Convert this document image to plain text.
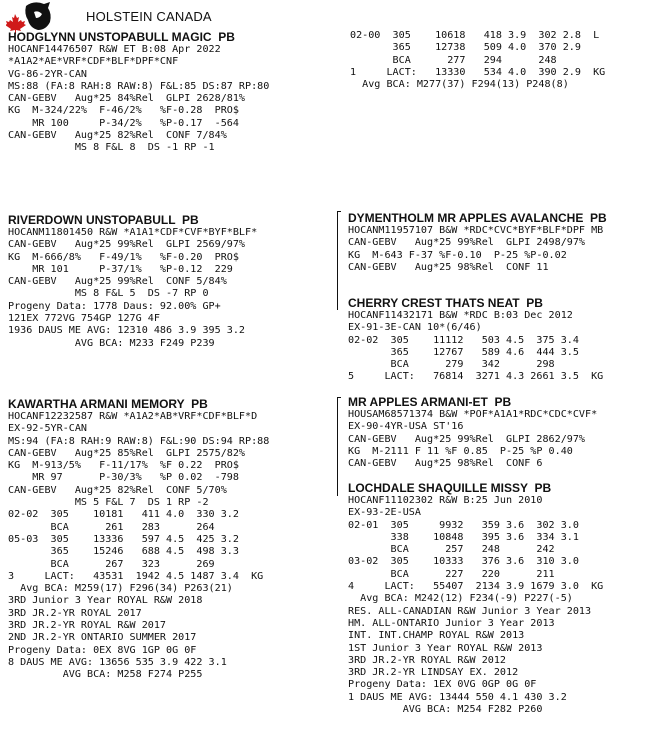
HOLSTEIN CANADA
HODGLYNN UNSTOPABULL MAGIC  PB
HOCANF14476507 R&W ET B:08 Apr 2022
*A1A2*AE*VRF*CDF*BLF*DPF*CNF
VG-86-2YR-CAN
MS:88 (FA:8 RAH:8 RAW:8) F&L:85 DS:87 RP:80
CAN-GEBV   Aug*25 84%Rel  GLPI 2628/81%
KG  M-324/22%  F-46/2%   %F-0.28  PRO$
MR 100     P-34/2%   %P-0.17  -564
CAN-GEBV   Aug*25 82%Rel  CONF 7/84%
MS 8 F&L 8  DS -1 RP -1
02-00  305    10618   418 3.9  302 2.8  L
365    12738   509 4.0  370 2.9
BCA      277   294      248
1     LACT:   13330   534 4.0  390 2.9  KG
Avg BCA: M277(37) F294(13) P248(8)
RIVERDOWN UNSTOPABULL  PB
HOCANM11801450 R&W *A1A1*CDF*CVF*BYF*BLF*
CAN-GEBV   Aug*25 99%Rel  GLPI 2569/97%
KG  M-666/8%   F-49/1%   %F-0.20  PRO$
MR 101     P-37/1%   %P-0.12  229
CAN-GEBV   Aug*25 99%Rel  CONF 5/84%
MS 8 F&L 5  DS -7 RP 0
Progeny Data: 1778 Daus: 92.00% GP+
121EX 772VG 754GP 127G 4F
1936 DAUS ME AVG: 12310 486 3.9 395 3.2
AVG BCA: M233 F249 P239
DYMENTHOLM MR APPLES AVALANCHE  PB
HOCANM11957107 B&W *RDC*CVC*BYF*BLF*DPF MB
CAN-GEBV   Aug*25 99%Rel  GLPI 2498/97%
KG  M-643 F-37 %F-0.10  P-25 %P-0.02
CAN-GEBV   Aug*25 98%Rel  CONF 11
CHERRY CREST THATS NEAT  PB
HOCANF11432171 B&W *RDC B:03 Dec 2012
EX-91-3E-CAN 10*(6/46)
02-02  305    11112   503 4.5  375 3.4
365    12767   589 4.6  444 3.5
BCA      279   342      298
5     LACT:   76814  3271 4.3 2661 3.5  KG
KAWARTHA ARMANI MEMORY  PB
HOCANF12232587 R&W *A1A2*AB*VRF*CDF*BLF*D
EX-92-5YR-CAN
MS:94 (FA:8 RAH:9 RAW:8) F&L:90 DS:94 RP:88
CAN-GEBV   Aug*25 85%Rel  GLPI 2575/82%
KG  M-913/5%   F-11/17%  %F 0.22  PRO$
MR 97      P-30/3%   %P 0.02  -798
CAN-GEBV   Aug*25 82%Rel  CONF 5/70%
MS 5 F&L 7  DS 1 RP -2
02-02  305    10181   411 4.0  330 3.2
BCA      261   283      264
05-03  305    13336   597 4.5  425 3.2
365    15246   688 4.5  498 3.3
BCA      267   323      269
3     LACT:   43531  1942 4.5 1487 3.4  KG
Avg BCA: M259(17) F296(34) P263(21)
3RD Junior 3 Year ROYAL R&W 2018
3RD JR.2-YR ROYAL 2017
3RD JR.2-YR ROYAL R&W 2017
2ND JR.2-YR ONTARIO SUMMER 2017
Progeny Data: 0EX 8VG 1GP 0G 0F
8 DAUS ME AVG: 13656 535 3.9 422 3.1
AVG BCA: M258 F274 P255
MR APPLES ARMANI-ET  PB
HOUSAM68571374 B&W *POF*A1A1*RDC*CDC*CVF*
EX-90-4YR-USA ST'16
CAN-GEBV   Aug*25 99%Rel  GLPI 2862/97%
KG  M-2111 F 11 %F 0.85  P-25 %P 0.40
CAN-GEBV   Aug*25 98%Rel  CONF 6
LOCHDALE SHAQUILLE MISSY  PB
HOCANF11102302 R&W B:25 Jun 2010
EX-93-2E-USA
02-01  305     9932   359 3.6  302 3.0
338    10848   395 3.6  334 3.1
BCA      257   248      242
03-02  305    10333   376 3.6  310 3.0
BCA      227   220      211
4     LACT:   55407  2134 3.9 1679 3.0  KG
Avg BCA: M242(12) F234(-9) P227(-5)
RES. ALL-CANADIAN R&W Junior 3 Year 2013
HM. ALL-ONTARIO Junior 3 Year 2013
INT. INT.CHAMP ROYAL R&W 2013
1ST Junior 3 Year ROYAL R&W 2013
3RD JR.2-YR ROYAL R&W 2012
3RD JR.2-YR LINDSAY EX. 2012
Progeny Data: 1EX 0VG 0GP 0G 0F
1 DAUS ME AVG: 13444 550 4.1 430 3.2
AVG BCA: M254 F282 P260
